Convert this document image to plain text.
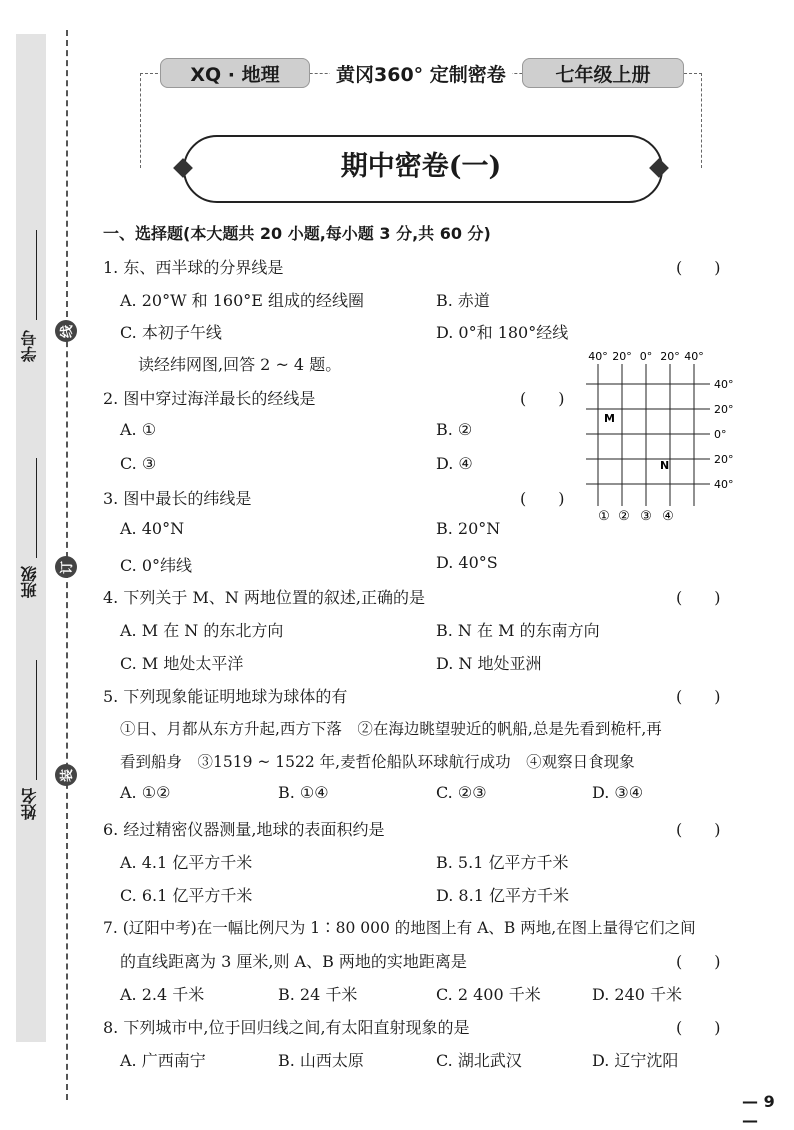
学号
班级
姓名
线
订
装
XQ · 地理	黄冈360° 定制密卷	七年级上册
期中密卷(一)
一、选择题(本大题共 20 小题,每小题 3 分,共 60 分)
1. 东、西半球的分界线是	(　　)
A. 20°W 和 160°E 组成的经线圈	B. 赤道
C. 本初子午线	D. 0°和 180°经线
读经纬网图,回答 2 ~ 4 题。
2. 图中穿过海洋最长的经线是	(　　)
A. ①	B. ②
C. ③	D. ④
3. 图中最长的纬线是	(　　)
A. 40°N	B. 20°N
C. 0°纬线	D. 40°S
40° 20° 0° 20° 40°
40°
20°
0°
20°
40°
M
N
① ② ③ ④
4. 下列关于 M、N 两地位置的叙述,正确的是	(　　)
A. M 在 N 的东北方向	B. N 在 M 的东南方向
C. M 地处太平洋	D. N 地处亚洲
5. 下列现象能证明地球为球体的有	(　　)
①日、月都从东方升起,西方下落　②在海边眺望驶近的帆船,总是先看到桅杆,再
看到船身　③1519 ~ 1522 年,麦哲伦船队环球航行成功　④观察日食现象
A. ①②	B. ①④	C. ②③	D. ③④
6. 经过精密仪器测量,地球的表面积约是	(　　)
A. 4.1 亿平方千米	B. 5.1 亿平方千米
C. 6.1 亿平方千米	D. 8.1 亿平方千米
7. (辽阳中考)在一幅比例尺为 1∶80 000 的地图上有 A、B 两地,在图上量得它们之间
的直线距离为 3 厘米,则 A、B 两地的实地距离是	(　　)
A. 2.4 千米	B. 24 千米	C. 2 400 千米	D. 240 千米
8. 下列城市中,位于回归线之间,有太阳直射现象的是	(　　)
A. 广西南宁	B. 山西太原	C. 湖北武汉	D. 辽宁沈阳
— 9 —
